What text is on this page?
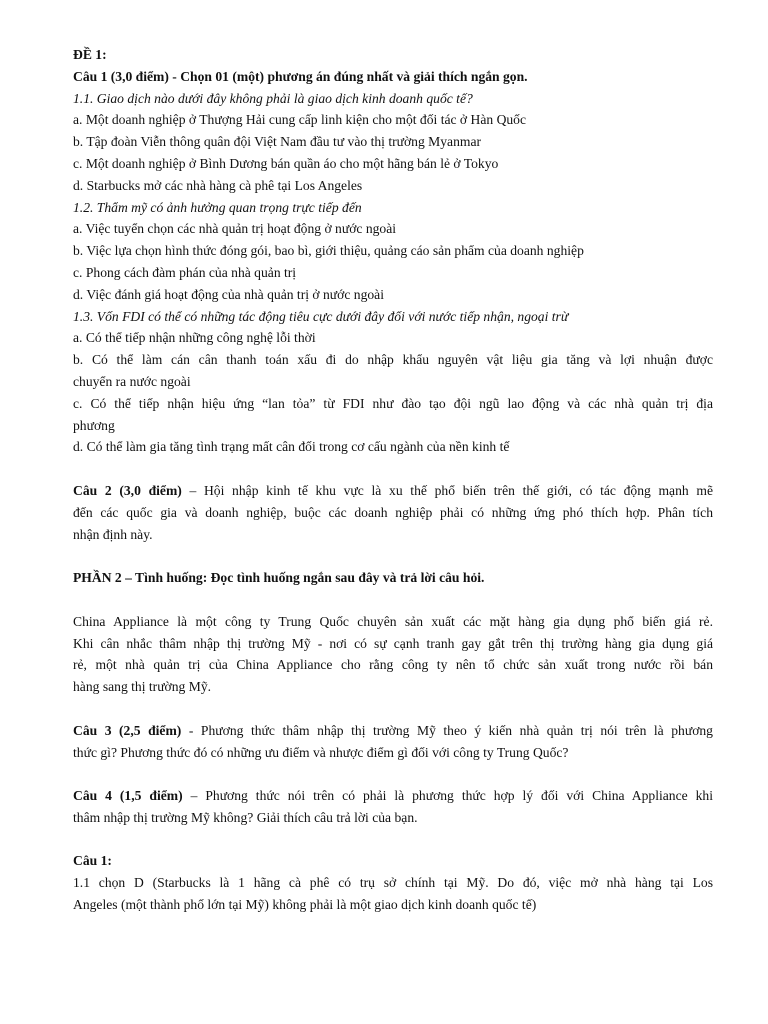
ĐỀ 1:
Câu 1 (3,0 điểm) - Chọn 01 (một) phương án đúng nhất và giải thích ngắn gọn.
1.1. Giao dịch nào dưới đây không phải là giao dịch kinh doanh quốc tế?
a. Một doanh nghiệp ở Thượng Hải cung cấp linh kiện cho một đối tác ở Hàn Quốc
b. Tập đoàn Viễn thông quân đội Việt Nam đầu tư vào thị trường Myanmar
c. Một doanh nghiệp ở Bình Dương bán quần áo cho một hãng bán lẻ ở Tokyo
d. Starbucks mở các nhà hàng cà phê tại Los Angeles
1.2. Thẩm mỹ có ảnh hưởng quan trọng trực tiếp đến
a. Việc tuyển chọn các nhà quản trị hoạt động ở nước ngoài
b. Việc lựa chọn hình thức đóng gói, bao bì, giới thiệu, quảng cáo sản phẩm của doanh nghiệp
c. Phong cách đàm phán của nhà quản trị
d. Việc đánh giá hoạt động của nhà quản trị ở nước ngoài
1.3. Vốn FDI có thể có những tác động tiêu cực dưới đây đối với nước tiếp nhận, ngoại trừ
a. Có thể tiếp nhận những công nghệ lỗi thời
b. Có thể làm cán cân thanh toán xấu đi do nhập khẩu nguyên vật liệu gia tăng và lợi nhuận được
chuyển ra nước ngoài
c. Có thể tiếp nhận hiệu ứng “lan tỏa” từ FDI như đào tạo đội ngũ lao động và các nhà quản trị địa
phương
d. Có thể làm gia tăng tình trạng mất cân đối trong cơ cấu ngành của nền kinh tế
Câu 2 (3,0 điểm) – Hội nhập kinh tế khu vực là xu thế phổ biến trên thế giới, có tác động mạnh mẽ
đến các quốc gia và doanh nghiệp, buộc các doanh nghiệp phải có những ứng phó thích hợp. Phân tích
nhận định này.
PHẦN 2 – Tình huống: Đọc tình huống ngắn sau đây và trả lời câu hỏi.
China Appliance là một công ty Trung Quốc chuyên sản xuất các mặt hàng gia dụng phổ biến giá rẻ.
Khi cân nhắc thâm nhập thị trường Mỹ - nơi có sự cạnh tranh gay gắt trên thị trường hàng gia dụng giá
rẻ, một nhà quản trị của China Appliance cho rằng công ty nên tổ chức sản xuất trong nước rồi bán
hàng sang thị trường Mỹ.
Câu 3 (2,5 điểm) - Phương thức thâm nhập thị trường Mỹ theo ý kiến nhà quản trị nói trên là phương
thức gì? Phương thức đó có những ưu điểm và nhược điểm gì đối với công ty Trung Quốc?
Câu 4 (1,5 điểm) – Phương thức nói trên có phải là phương thức hợp lý đối với China Appliance khi
thâm nhập thị trường Mỹ không? Giải thích câu trả lời của bạn.
Câu 1:
1.1 chọn D (Starbucks là 1 hãng cà phê có trụ sở chính tại Mỹ. Do đó, việc mở nhà hàng tại Los
Angeles (một thành phố lớn tại Mỹ) không phải là một giao dịch kinh doanh quốc tế)
